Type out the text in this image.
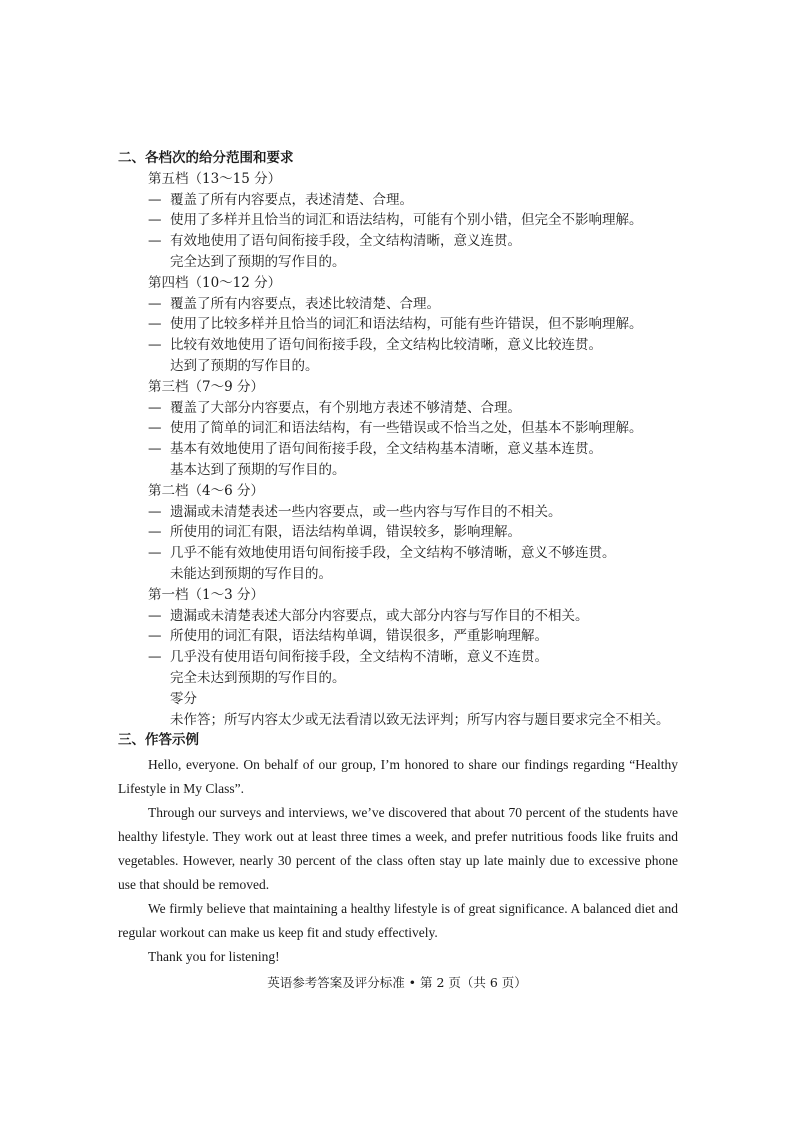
二、各档次的给分范围和要求
第五档（13～15 分）
— 覆盖了所有内容要点，表述清楚、合理。
— 使用了多样并且恰当的词汇和语法结构，可能有个别小错，但完全不影响理解。
— 有效地使用了语句间衔接手段，全文结构清晰，意义连贯。
完全达到了预期的写作目的。
第四档（10～12 分）
— 覆盖了所有内容要点，表述比较清楚、合理。
— 使用了比较多样并且恰当的词汇和语法结构，可能有些许错误，但不影响理解。
— 比较有效地使用了语句间衔接手段，全文结构比较清晰，意义比较连贯。
达到了预期的写作目的。
第三档（7～9 分）
— 覆盖了大部分内容要点，有个别地方表述不够清楚、合理。
— 使用了简单的词汇和语法结构，有一些错误或不恰当之处，但基本不影响理解。
— 基本有效地使用了语句间衔接手段，全文结构基本清晰，意义基本连贯。
基本达到了预期的写作目的。
第二档（4～6 分）
— 遗漏或未清楚表述一些内容要点，或一些内容与写作目的不相关。
— 所使用的词汇有限，语法结构单调，错误较多，影响理解。
— 几乎不能有效地使用语句间衔接手段，全文结构不够清晰，意义不够连贯。
未能达到预期的写作目的。
第一档（1～3 分）
— 遗漏或未清楚表述大部分内容要点，或大部分内容与写作目的不相关。
— 所使用的词汇有限，语法结构单调，错误很多，严重影响理解。
— 几乎没有使用语句间衔接手段，全文结构不清晰，意义不连贯。
完全未达到预期的写作目的。
零分
未作答；所写内容太少或无法看清以致无法评判；所写内容与题目要求完全不相关。
三、作答示例

Hello, everyone. On behalf of our group, I’m honored to share our findings regarding “Healthy Lifestyle in My Class”.

Through our surveys and interviews, we’ve discovered that about 70 percent of the students have healthy lifestyle. They work out at least three times a week, and prefer nutritious foods like fruits and vegetables. However, nearly 30 percent of the class often stay up late mainly due to excessive phone use that should be removed.

We firmly believe that maintaining a healthy lifestyle is of great significance. A balanced diet and regular workout can make us keep fit and study effectively.

Thank you for listening!

英语参考答案及评分标准 • 第 2 页（共 6 页）
